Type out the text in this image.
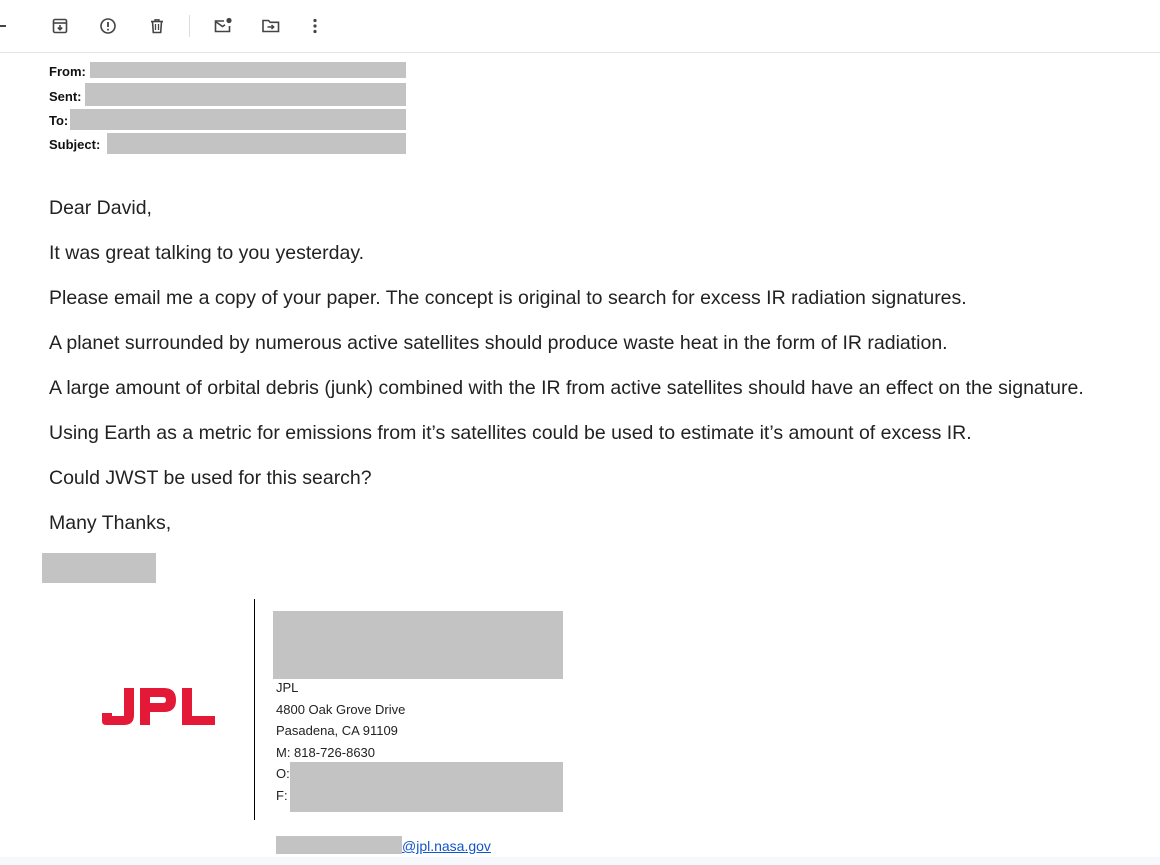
From:
Sent:
To:
Subject:
Dear David,
It was great talking to you yesterday.
Please email me a copy of your paper. The concept is original to search for excess IR radiation signatures.
A planet surrounded by numerous active satellites should produce waste heat in the form of IR radiation.
A large amount of orbital debris (junk) combined with the IR from active satellites should have an effect on the signature.
Using Earth as a metric for emissions from it’s satellites could be used to estimate it’s amount of excess IR.
Could JWST be used for this search?
Many Thanks,
JPL
4800 Oak Grove Drive
Pasadena, CA 91109
M: 818-726-8630
O:
F:
@jpl.nasa.gov
